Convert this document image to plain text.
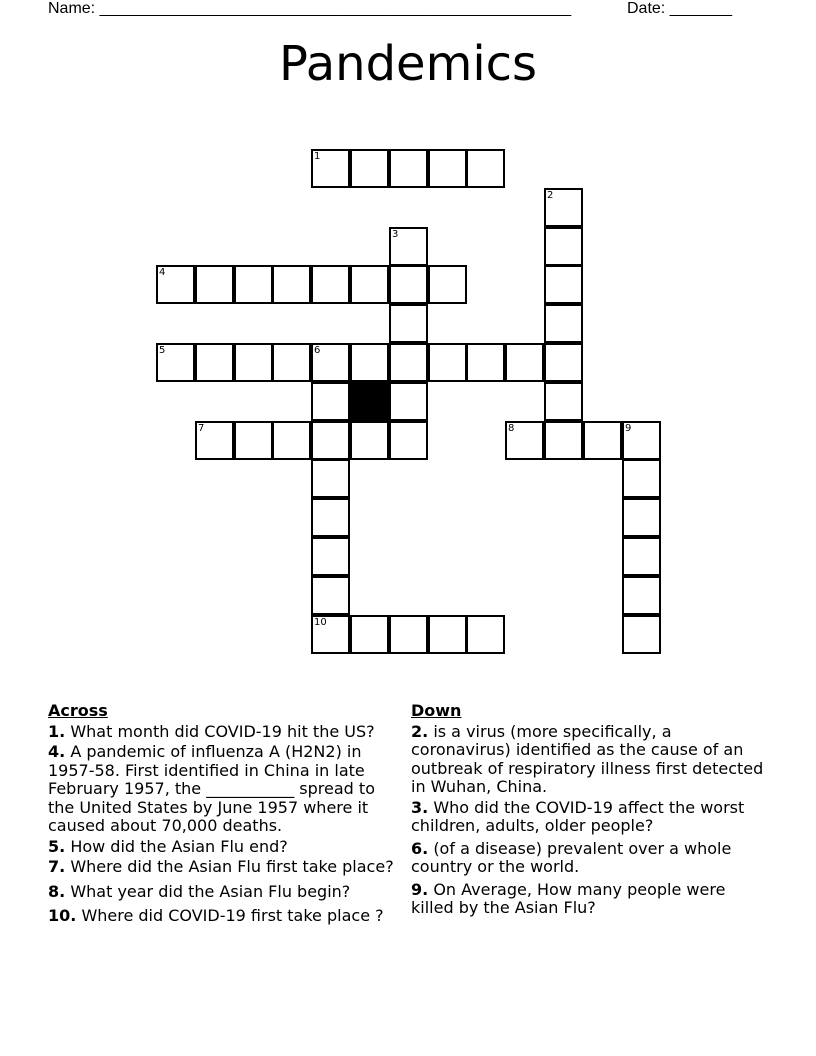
Name: _____________________________________________________	Date: _______
Pandemics
1
2
3
4
5	6
7	8	9
10
Across
1. What month did COVID-19 hit the US?
4. A pandemic of influenza A (H2N2) in 1957-58. First identified in China in late February 1957, the ___________ spread to the United States by June 1957 where it caused about 70,000 deaths.
5. How did the Asian Flu end?
7. Where did the Asian Flu first take place?
8. What year did the Asian Flu begin?
10. Where did COVID-19 first take place ?
Down
2. is a virus (more specifically, a coronavirus) identified as the cause of an outbreak of respiratory illness first detected in Wuhan, China.
3. Who did the COVID-19 affect the worst children, adults, older people?
6. (of a disease) prevalent over a whole country or the world.
9. On Average, How many people were killed by the Asian Flu?
